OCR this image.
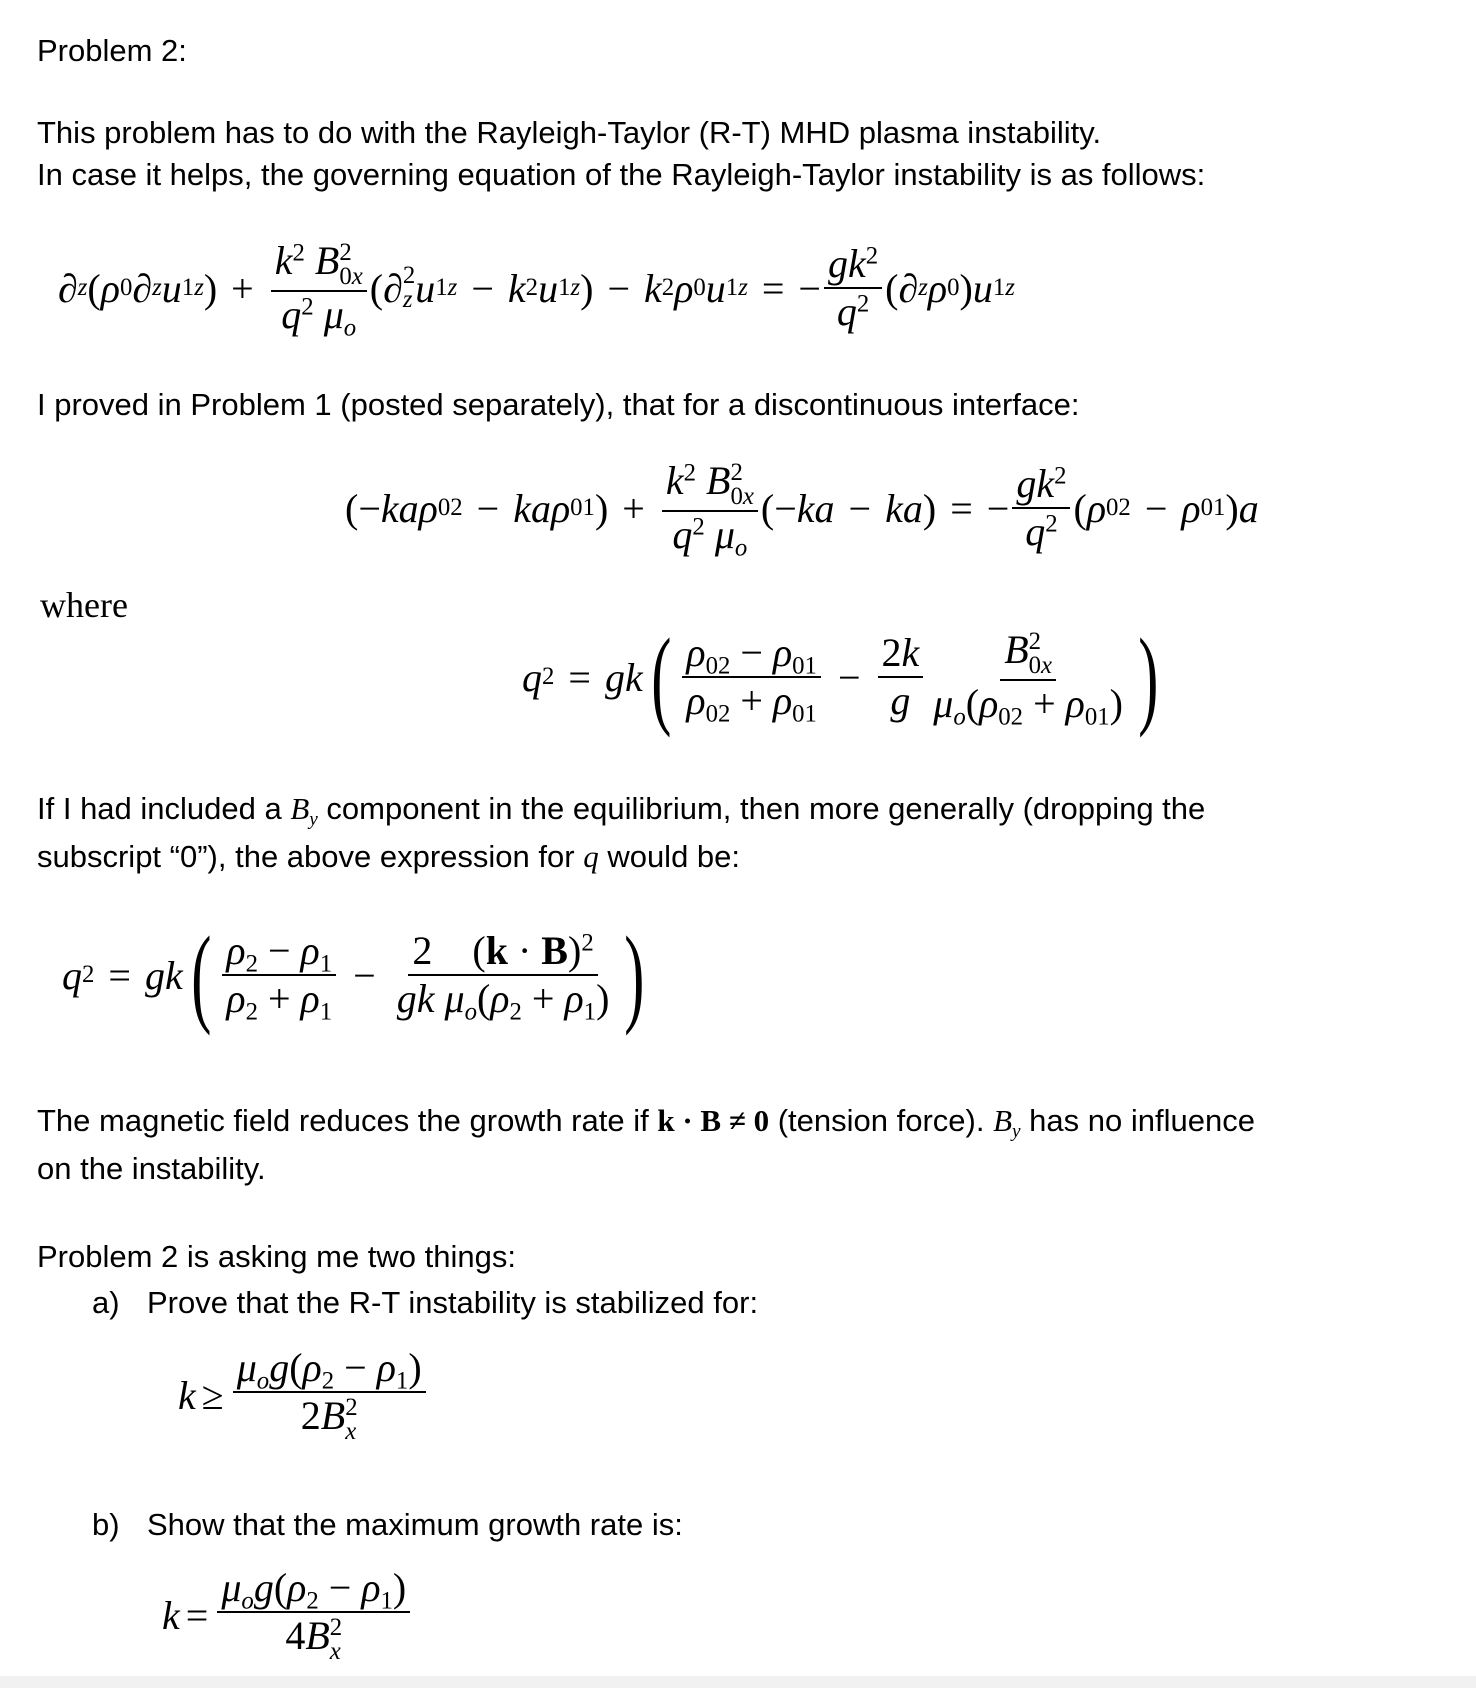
Problem 2:
This problem has to do with the Rayleigh-Taylor (R-T) MHD plasma instability.
In case it helps, the governing equation of the Rayleigh-Taylor instability is as follows:
∂ z ( ρ 0 ∂ z u 1z ) + $k^2$ B 2
0x
$q^2$ $\mu_o$ ( ∂ 2
z u 1z − k 2 u 1z ) − k 2 ρ 0 u 1z = − $\frac{gk^2}{q^2}$ ( ∂ z ρ 0 ) u 1z
I proved in Problem 1 (posted separately), that for a discontinuous interface:
(− kaρ 02 − kaρ 01 ) + $k^2$ B 2
0x
$q^2$ $\mu_o$ (− ka − ka ) = − $\frac{gk^2}{q^2}$ ( ρ 02 − ρ 01 ) a
where
q 2 = gk ( $\frac{\rho_{02} - \rho_{01}}{\rho_{02} + \rho_{01}} - \frac{2k}{g}$ B 2
0x
$\mu_o(\rho_{02} + \rho_{01})$ )
If I had included a $B_y$ component in the equilibrium, then more generally (dropping the
subscript “0”), the above expression for q would be:
q 2 = gk ( $\frac{\rho_2 - \rho_1}{\rho_2 + \rho_1} - \frac{2 (k \cdot B)^2}{gk \mu_o(\rho_2 + \rho_1)}$ )
The magnetic field reduces the growth rate if k · B ≠ 0 (tension force). $B_y$ has no influence
on the instability.
Problem 2 is asking me two things:
a) Prove that the R-T instability is stabilized for:
$k \ge \mu_og(\rho_2 - \rho_1)$
2B 2
x
b) Show that the maximum growth rate is:
$k = \mu_og(\rho_2 - \rho_1)$
4B 2
x
